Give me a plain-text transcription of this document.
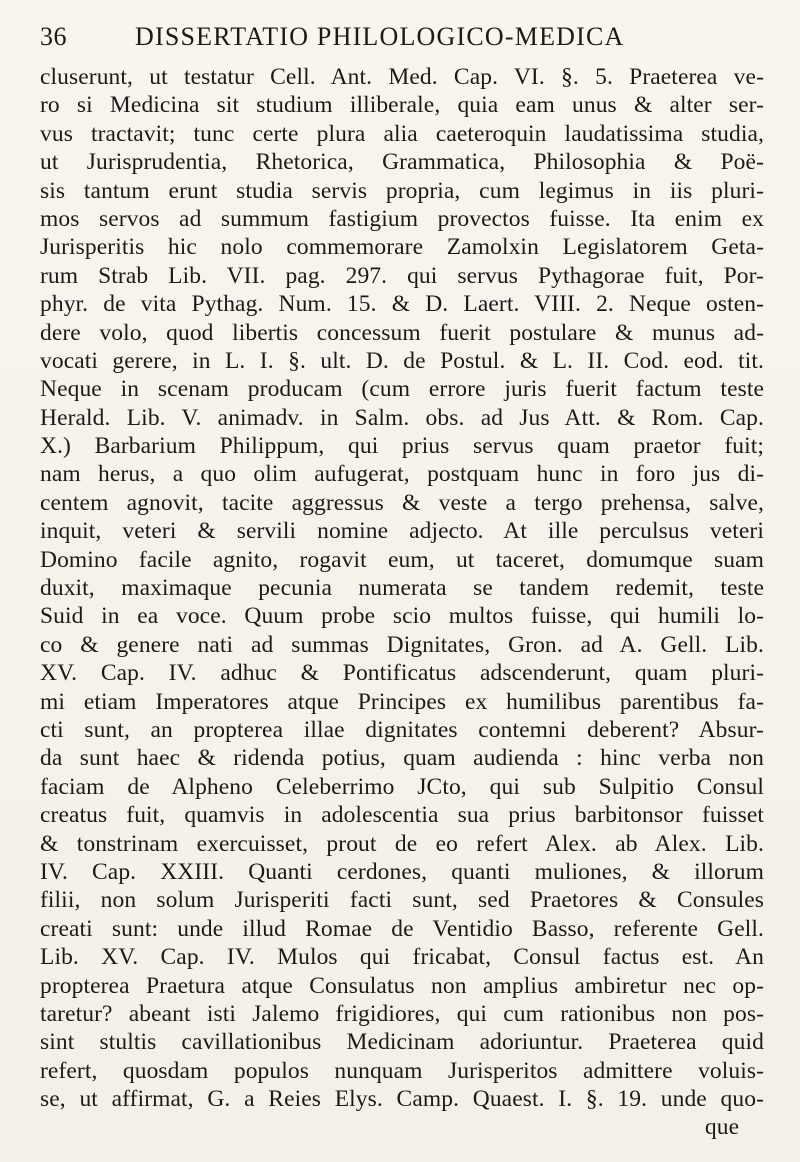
36	DISSERTATIO PHILOLOGICO-MEDICA
cluserunt, ut testatur Cell. Ant. Med. Cap. VI. §. 5. Praeterea ve-
ro si Medicina sit studium illiberale, quia eam unus & alter ser-
vus tractavit; tunc certe plura alia caeteroquin laudatissima studia,
ut Jurisprudentia, Rhetorica, Grammatica, Philosophia & Poë-
sis tantum erunt studia servis propria, cum legimus in iis pluri-
mos servos ad summum fastigium provectos fuisse. Ita enim ex
Jurisperitis hic nolo commemorare Zamolxin Legislatorem Geta-
rum Strab Lib. VII. pag. 297. qui servus Pythagorae fuit, Por-
phyr. de vita Pythag. Num. 15. & D. Laert. VIII. 2. Neque osten-
dere volo, quod libertis concessum fuerit postulare & munus ad-
vocati gerere, in L. I. §. ult. D. de Postul. & L. II. Cod. eod. tit.
Neque in scenam producam (cum errore juris fuerit factum teste
Herald. Lib. V. animadv. in Salm. obs. ad Jus Att. & Rom. Cap.
X.) Barbarium Philippum, qui prius servus quam praetor fuit;
nam herus, a quo olim aufugerat, postquam hunc in foro jus di-
centem agnovit, tacite aggressus & veste a tergo prehensa, salve,
inquit, veteri & servili nomine adjecto. At ille perculsus veteri
Domino facile agnito, rogavit eum, ut taceret, domumque suam
duxit, maximaque pecunia numerata se tandem redemit, teste
Suid in ea voce. Quum probe scio multos fuisse, qui humili lo-
co & genere nati ad summas Dignitates, Gron. ad A. Gell. Lib.
XV. Cap. IV. adhuc & Pontificatus adscenderunt, quam pluri-
mi etiam Imperatores atque Principes ex humilibus parentibus fa-
cti sunt, an propterea illae dignitates contemni deberent? Absur-
da sunt haec & ridenda potius, quam audienda : hinc verba non
faciam de Alpheno Celeberrimo JCto, qui sub Sulpitio Consul
creatus fuit, quamvis in adolescentia sua prius barbitonsor fuisset
& tonstrinam exercuisset, prout de eo refert Alex. ab Alex. Lib.
IV. Cap. XXIII. Quanti cerdones, quanti muliones, & illorum
filii, non solum Jurisperiti facti sunt, sed Praetores & Consules
creati sunt: unde illud Romae de Ventidio Basso, referente Gell.
Lib. XV. Cap. IV. Mulos qui fricabat, Consul factus est. An
propterea Praetura atque Consulatus non amplius ambiretur nec op-
taretur? abeant isti Jalemo frigidiores, qui cum rationibus non pos-
sint stultis cavillationibus Medicinam adoriuntur. Praeterea quid
refert, quosdam populos nunquam Jurisperitos admittere voluis-
se, ut affirmat, G. a Reies Elys. Camp. Quaest. I. §. 19. unde quo-
que
